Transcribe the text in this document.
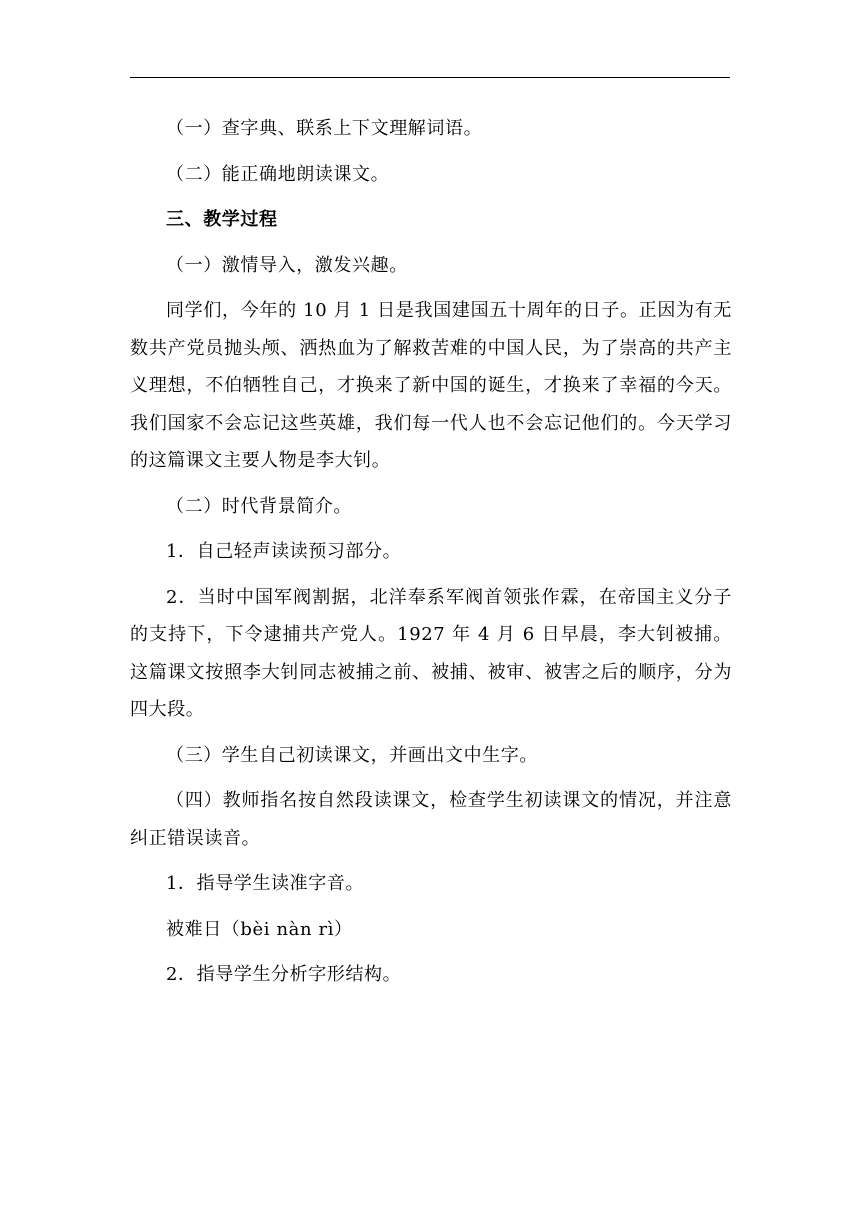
（一）查字典、联系上下文理解词语。

（二）能正确地朗读课文。

三、教学过程

（一）激情导入，激发兴趣。

同学们，今年的 10 月 1 日是我国建国五十周年的日子。正因为有无数共产党员抛头颅、洒热血为了解救苦难的中国人民，为了崇高的共产主义理想，不伯牺牲自己，才换来了新中国的诞生，才换来了幸福的今天。我们国家不会忘记这些英雄，我们每一代人也不会忘记他们的。今天学习的这篇课文主要人物是李大钊。

（二）时代背景简介。

1．自己轻声读读预习部分。

2．当时中国军阀割据，北洋奉系军阀首领张作霖，在帝国主义分子的支持下，下令逮捕共产党人。1927 年 4 月 6 日早晨，李大钊被捕。这篇课文按照李大钊同志被捕之前、被捕、被审、被害之后的顺序，分为四大段。

（三）学生自己初读课文，并画出文中生字。

（四）教师指名按自然段读课文，检查学生初读课文的情况，并注意纠正错误读音。

1．指导学生读准字音。

被难日（bèi nàn rì）

2．指导学生分析字形结构。
